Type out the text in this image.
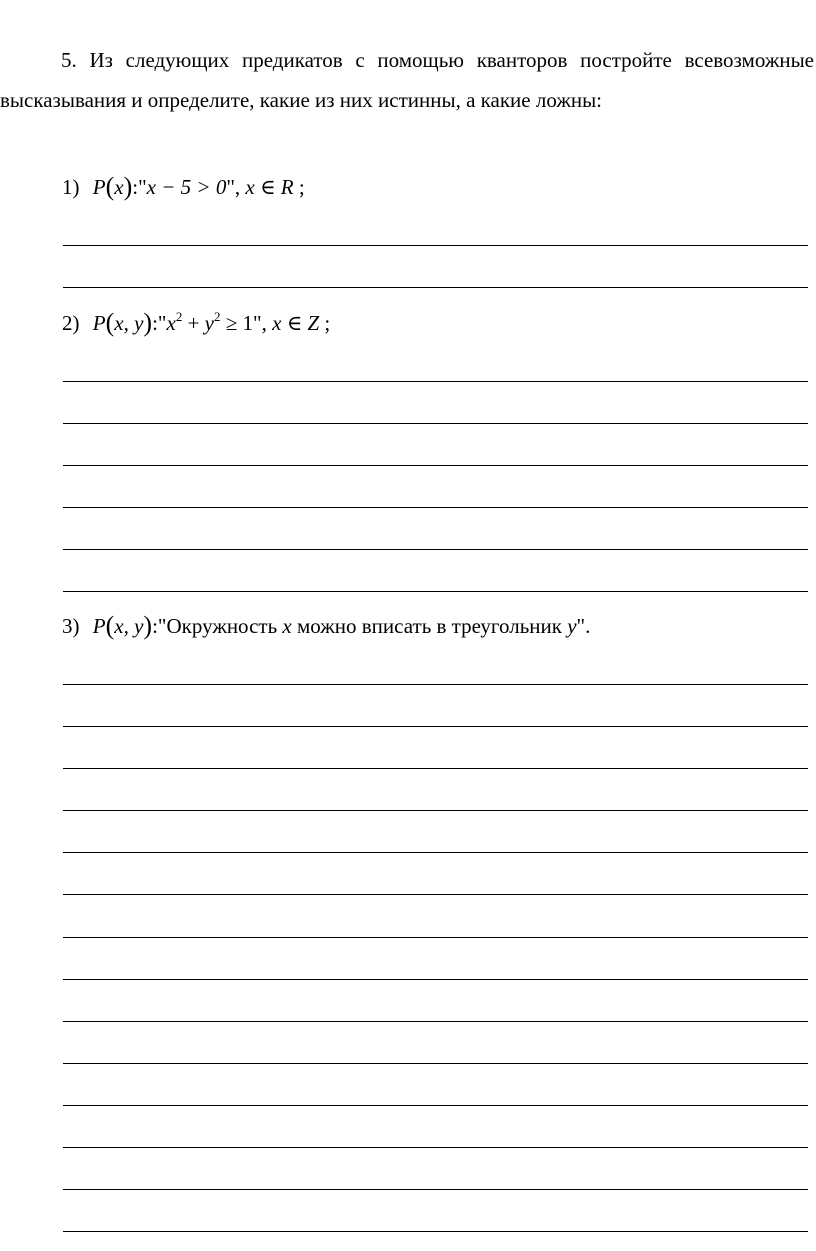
5. Из следующих предикатов с помощью кванторов постройте всевозможные высказывания и определите, какие из них истинны, а какие ложны:

1) P(x):"x − 5 > 0", x ∈ R ;
2) P(x, $y):"x^2 + y^2 \ge 1$", x ∈ Z ;
3) P(x, y):"Окружность x можно вписать в треугольник y".
